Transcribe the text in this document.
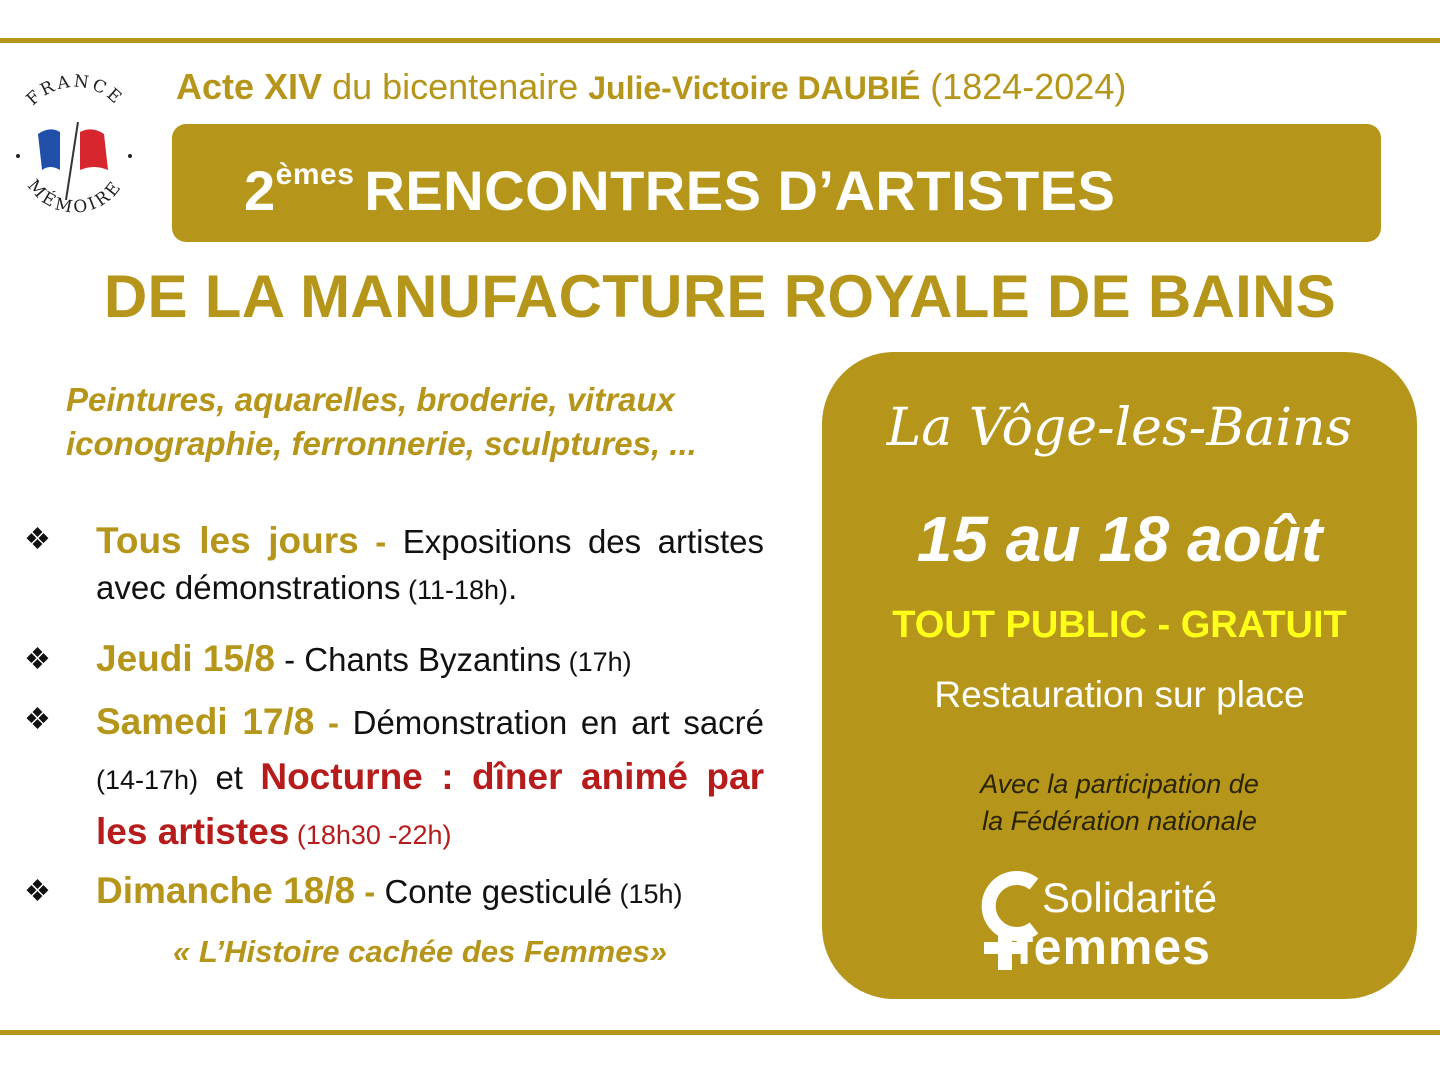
FRANCE
MÉMOIRE
Acte XIV du bicentenaire Julie-Victoire DAUBIÉ (1824-2024)
2èmes RENCONTRES D’ARTISTES
DE LA MANUFACTURE ROYALE DE BAINS
Peintures, aquarelles, broderie, vitraux
iconographie, ferronnerie, sculptures, ...
❖ Tous les jours - Expositions des artistes avec démonstrations (11-18h).
❖ Jeudi 15/8 - Chants Byzantins (17h)
❖ Samedi 17/8 - Démonstration en art sacré (14-17h) et Nocturne : dîner animé par les artistes (18h30 -22h)
❖ Dimanche 18/8 - Conte gesticulé (15h)
« L’Histoire cachée des Femmes»
La Vôge-les-Bains
15 au 18 août
TOUT PUBLIC - GRATUIT
Restauration sur place
Avec la participation de
la Fédération nationale
Solidarité
femmes
